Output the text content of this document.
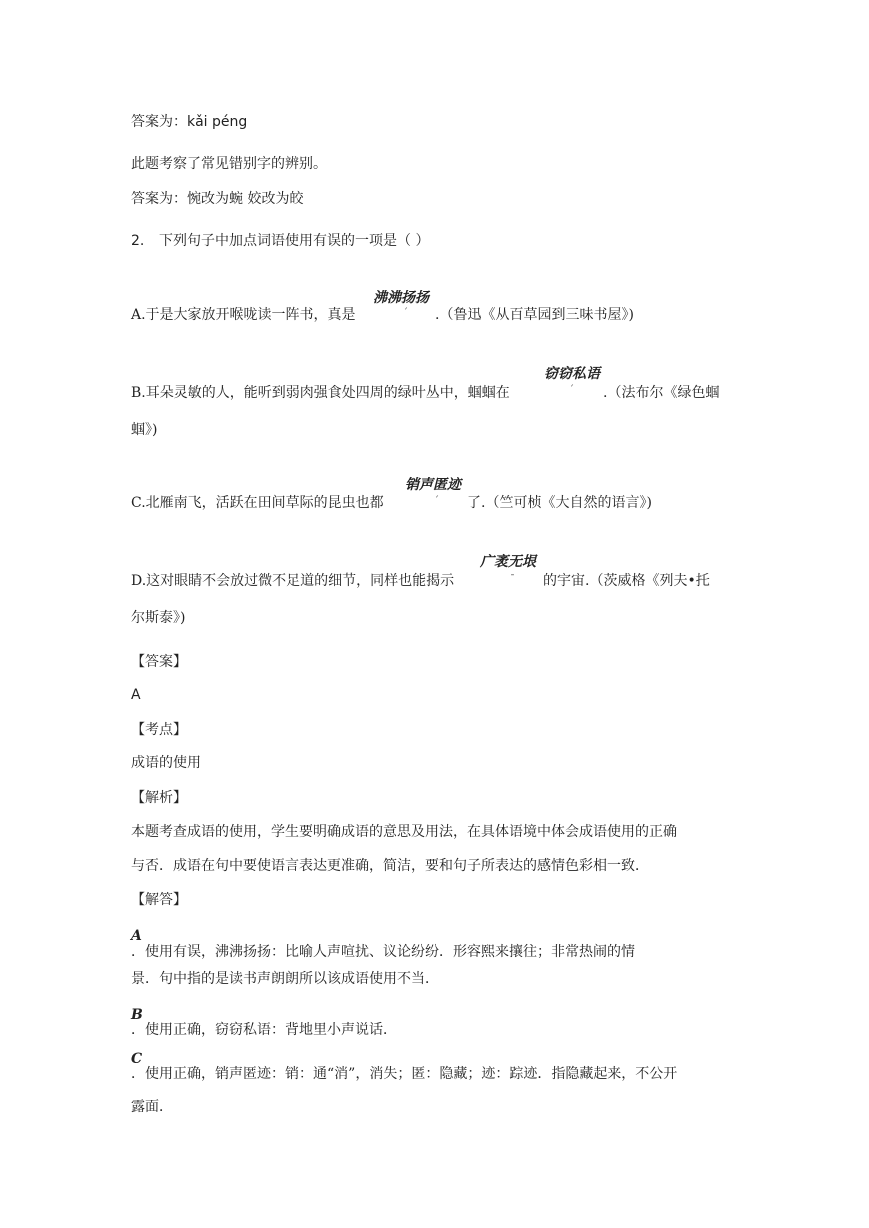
答案为：kǎi péng
此题考察了常见错别字的辨别。
答案为：惋改为蜿 姣改为皎
2. 下列句子中加点词语使用有误的一项是（ ）
沸沸扬扬
A.于是大家放开喉咙读一阵书，真是	ˊ .（鲁迅《从百草园到三味书屋》)
窃窃私语
B.耳朵灵敏的人，能听到弱肉强食处四周的绿叶丛中，蝈蝈在	ˊ .（法布尔《绿色蝈
蝈》)
销声匿迹
C.北雁南飞，活跃在田间草际的昆虫也都	ˊ 了.（竺可桢《大自然的语言》)
广袤无垠
D.这对眼睛不会放过微不足道的细节，同样也能揭示	ˉ 的宇宙.（茨威格《列夫•托
尔斯泰》)
【答案】
A
【考点】
成语的使用
【解析】
本题考查成语的使用，学生要明确成语的意思及用法，在具体语境中体会成语使用的正确
与否．成语在句中要使语言表达更准确，简洁，要和句子所表达的感情色彩相一致．
【解答】
A
．使用有误，沸沸扬扬：比喻人声喧扰、议论纷纷．形容熙来攘往；非常热闹的情
景．句中指的是读书声朗朗所以该成语使用不当．
B
．使用正确，窃窃私语：背地里小声说话．
C
．使用正确，销声匿迹：销：通“消”，消失；匿：隐藏；迹：踪迹．指隐藏起来，不公开
露面．
